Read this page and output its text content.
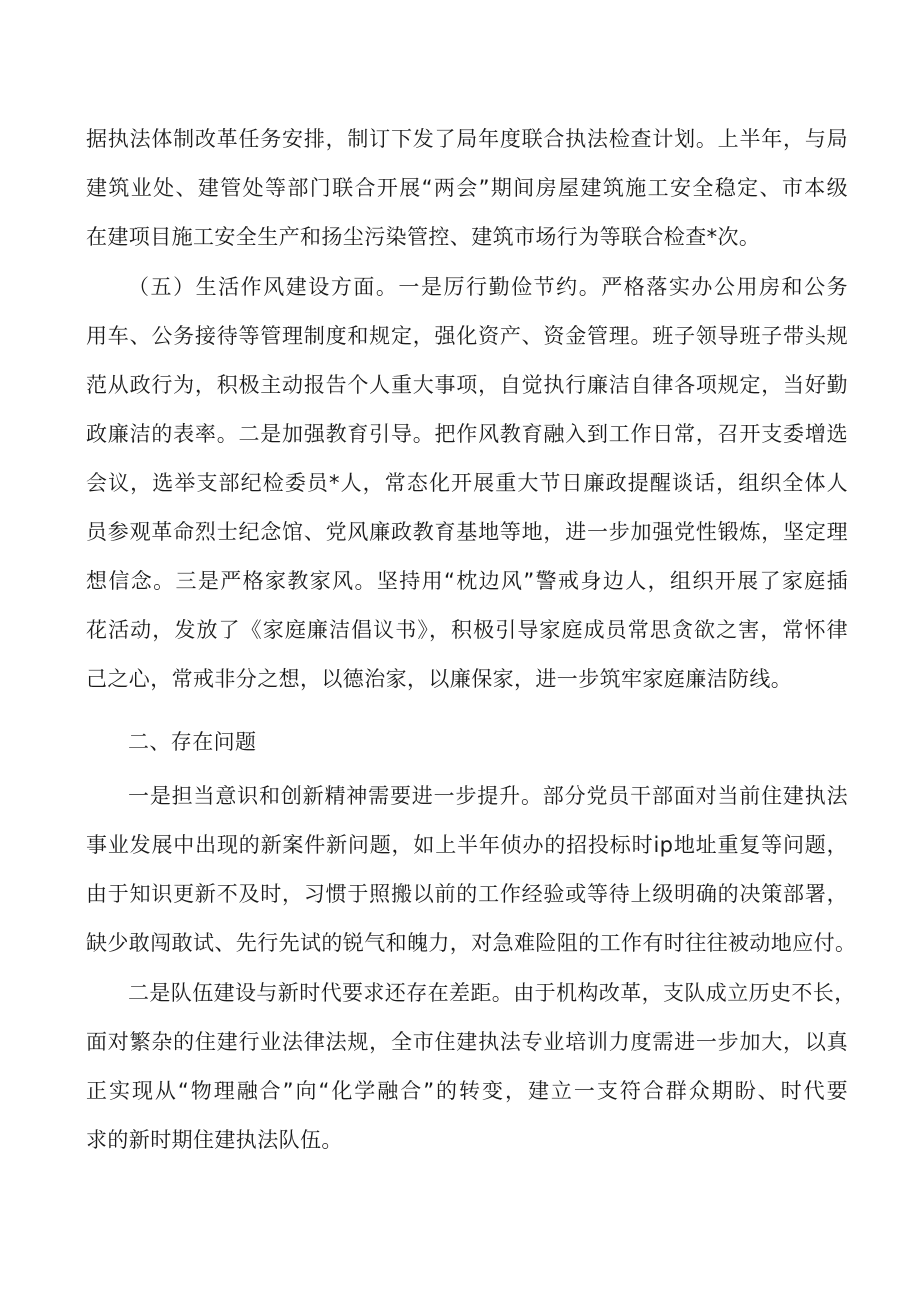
据执法体制改革任务安排，制订下发了局年度联合执法检查计划。上半年，与局
建筑业处、建管处等部门联合开展“两会”期间房屋建筑施工安全稳定、市本级
在建项目施工安全生产和扬尘污染管控、建筑市场行为等联合检查*次。
（五）生活作风建设方面。一是厉行勤俭节约。严格落实办公用房和公务
用车、公务接待等管理制度和规定，强化资产、资金管理。班子领导班子带头规
范从政行为，积极主动报告个人重大事项，自觉执行廉洁自律各项规定，当好勤
政廉洁的表率。二是加强教育引导。把作风教育融入到工作日常，召开支委增选
会议，选举支部纪检委员*人，常态化开展重大节日廉政提醒谈话，组织全体人
员参观革命烈士纪念馆、党风廉政教育基地等地，进一步加强党性锻炼，坚定理
想信念。三是严格家教家风。坚持用“枕边风”警戒身边人，组织开展了家庭插
花活动，发放了《家庭廉洁倡议书》，积极引导家庭成员常思贪欲之害，常怀律
己之心，常戒非分之想，以德治家，以廉保家，进一步筑牢家庭廉洁防线。
二、存在问题
一是担当意识和创新精神需要进一步提升。部分党员干部面对当前住建执法
事业发展中出现的新案件新问题，如上半年侦办的招投标时ip地址重复等问题，
由于知识更新不及时，习惯于照搬以前的工作经验或等待上级明确的决策部署，
缺少敢闯敢试、先行先试的锐气和魄力，对急难险阻的工作有时往往被动地应付。
二是队伍建设与新时代要求还存在差距。由于机构改革，支队成立历史不长，
面对繁杂的住建行业法律法规，全市住建执法专业培训力度需进一步加大，以真
正实现从“物理融合”向“化学融合”的转变，建立一支符合群众期盼、时代要
求的新时期住建执法队伍。
